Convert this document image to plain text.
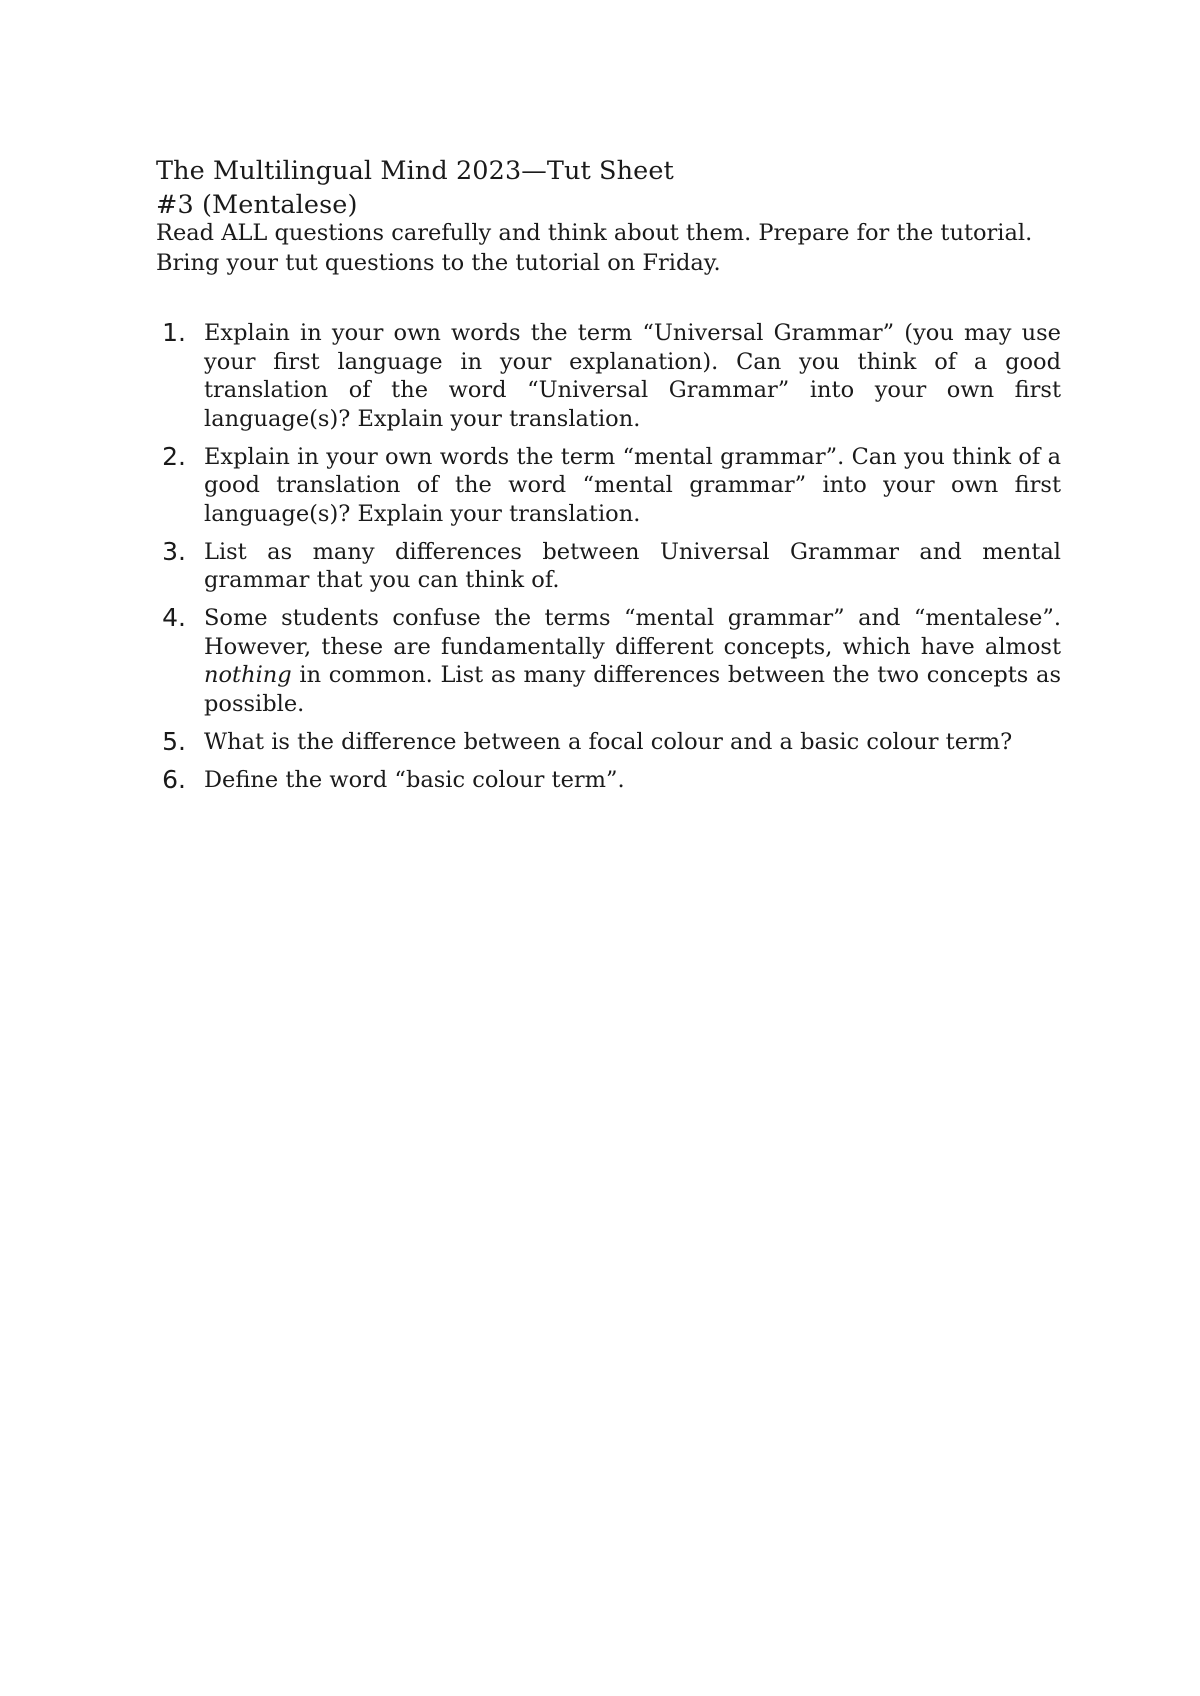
The Multilingual Mind 2023—Tut Sheet
#3 (Mentalese)

Read ALL questions carefully and think about them. Prepare for the tutorial. Bring your tut questions to the tutorial on Friday.

1. Explain in your own words the term “Universal Grammar” (you may use your first language in your explanation). Can you think of a good translation of the word “Universal Grammar” into your own first language(s)? Explain your translation.
2. Explain in your own words the term “mental grammar”. Can you think of a good translation of the word “mental grammar” into your own first language(s)? Explain your translation.
3. List as many differences between Universal Grammar and mental grammar that you can think of.
4. Some students confuse the terms “mental grammar” and “mentalese”. However, these are fundamentally different concepts, which have almost nothing in common. List as many differences between the two concepts as possible.
5. What is the difference between a focal colour and a basic colour term?
6. Define the word “basic colour term”.
